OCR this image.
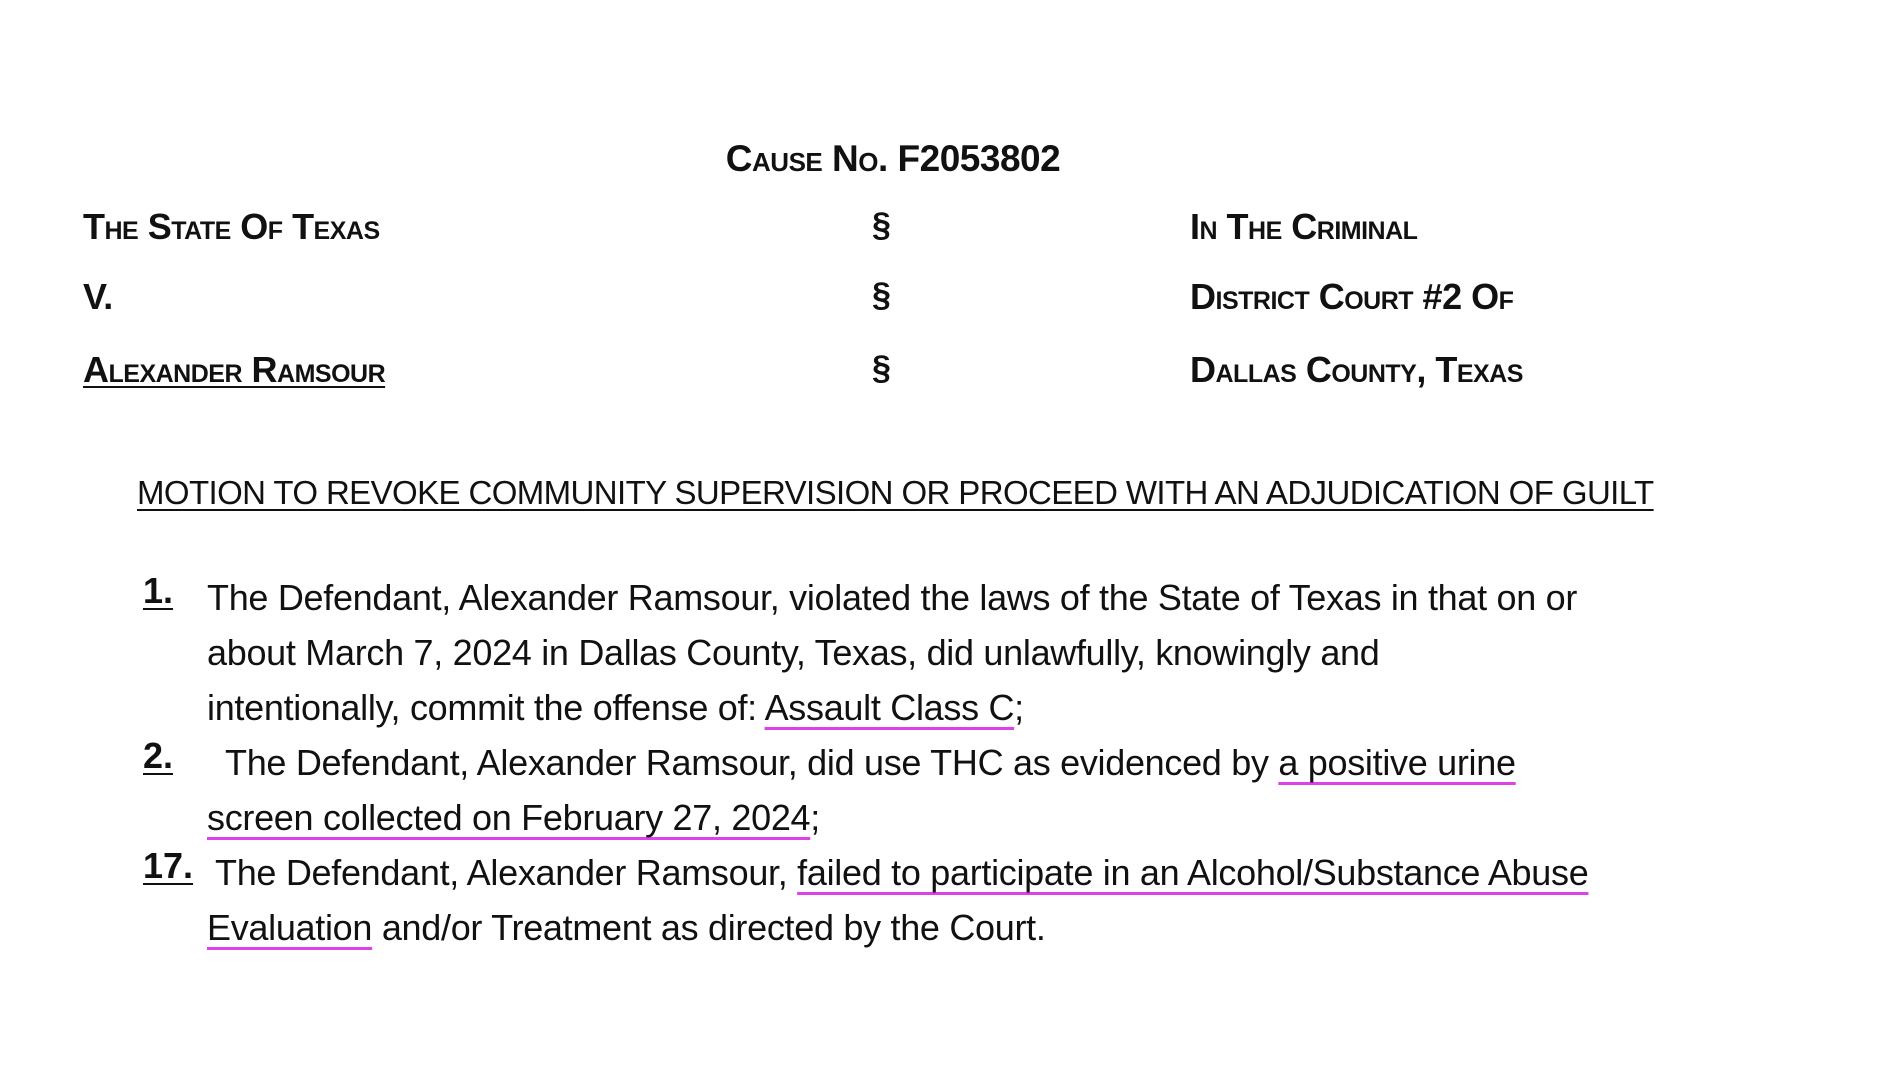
Cause No. F2053802
The State Of Texas	§	In The Criminal
V.	§	District Court #2 Of
Alexander Ramsour	§	Dallas County, Texas
MOTION TO REVOKE COMMUNITY SUPERVISION OR PROCEED WITH AN ADJUDICATION OF GUILT
1. The Defendant, Alexander Ramsour, violated the laws of the State of Texas in that on or
about March 7, 2024 in Dallas County, Texas, did unlawfully, knowingly and
intentionally, commit the offense of: Assault Class C;
2.	The Defendant, Alexander Ramsour, did use THC as evidenced by a positive urine
screen collected on February 27, 2024;
17. The Defendant, Alexander Ramsour, failed to participate in an Alcohol/Substance Abuse
Evaluation and/or Treatment as directed by the Court.
